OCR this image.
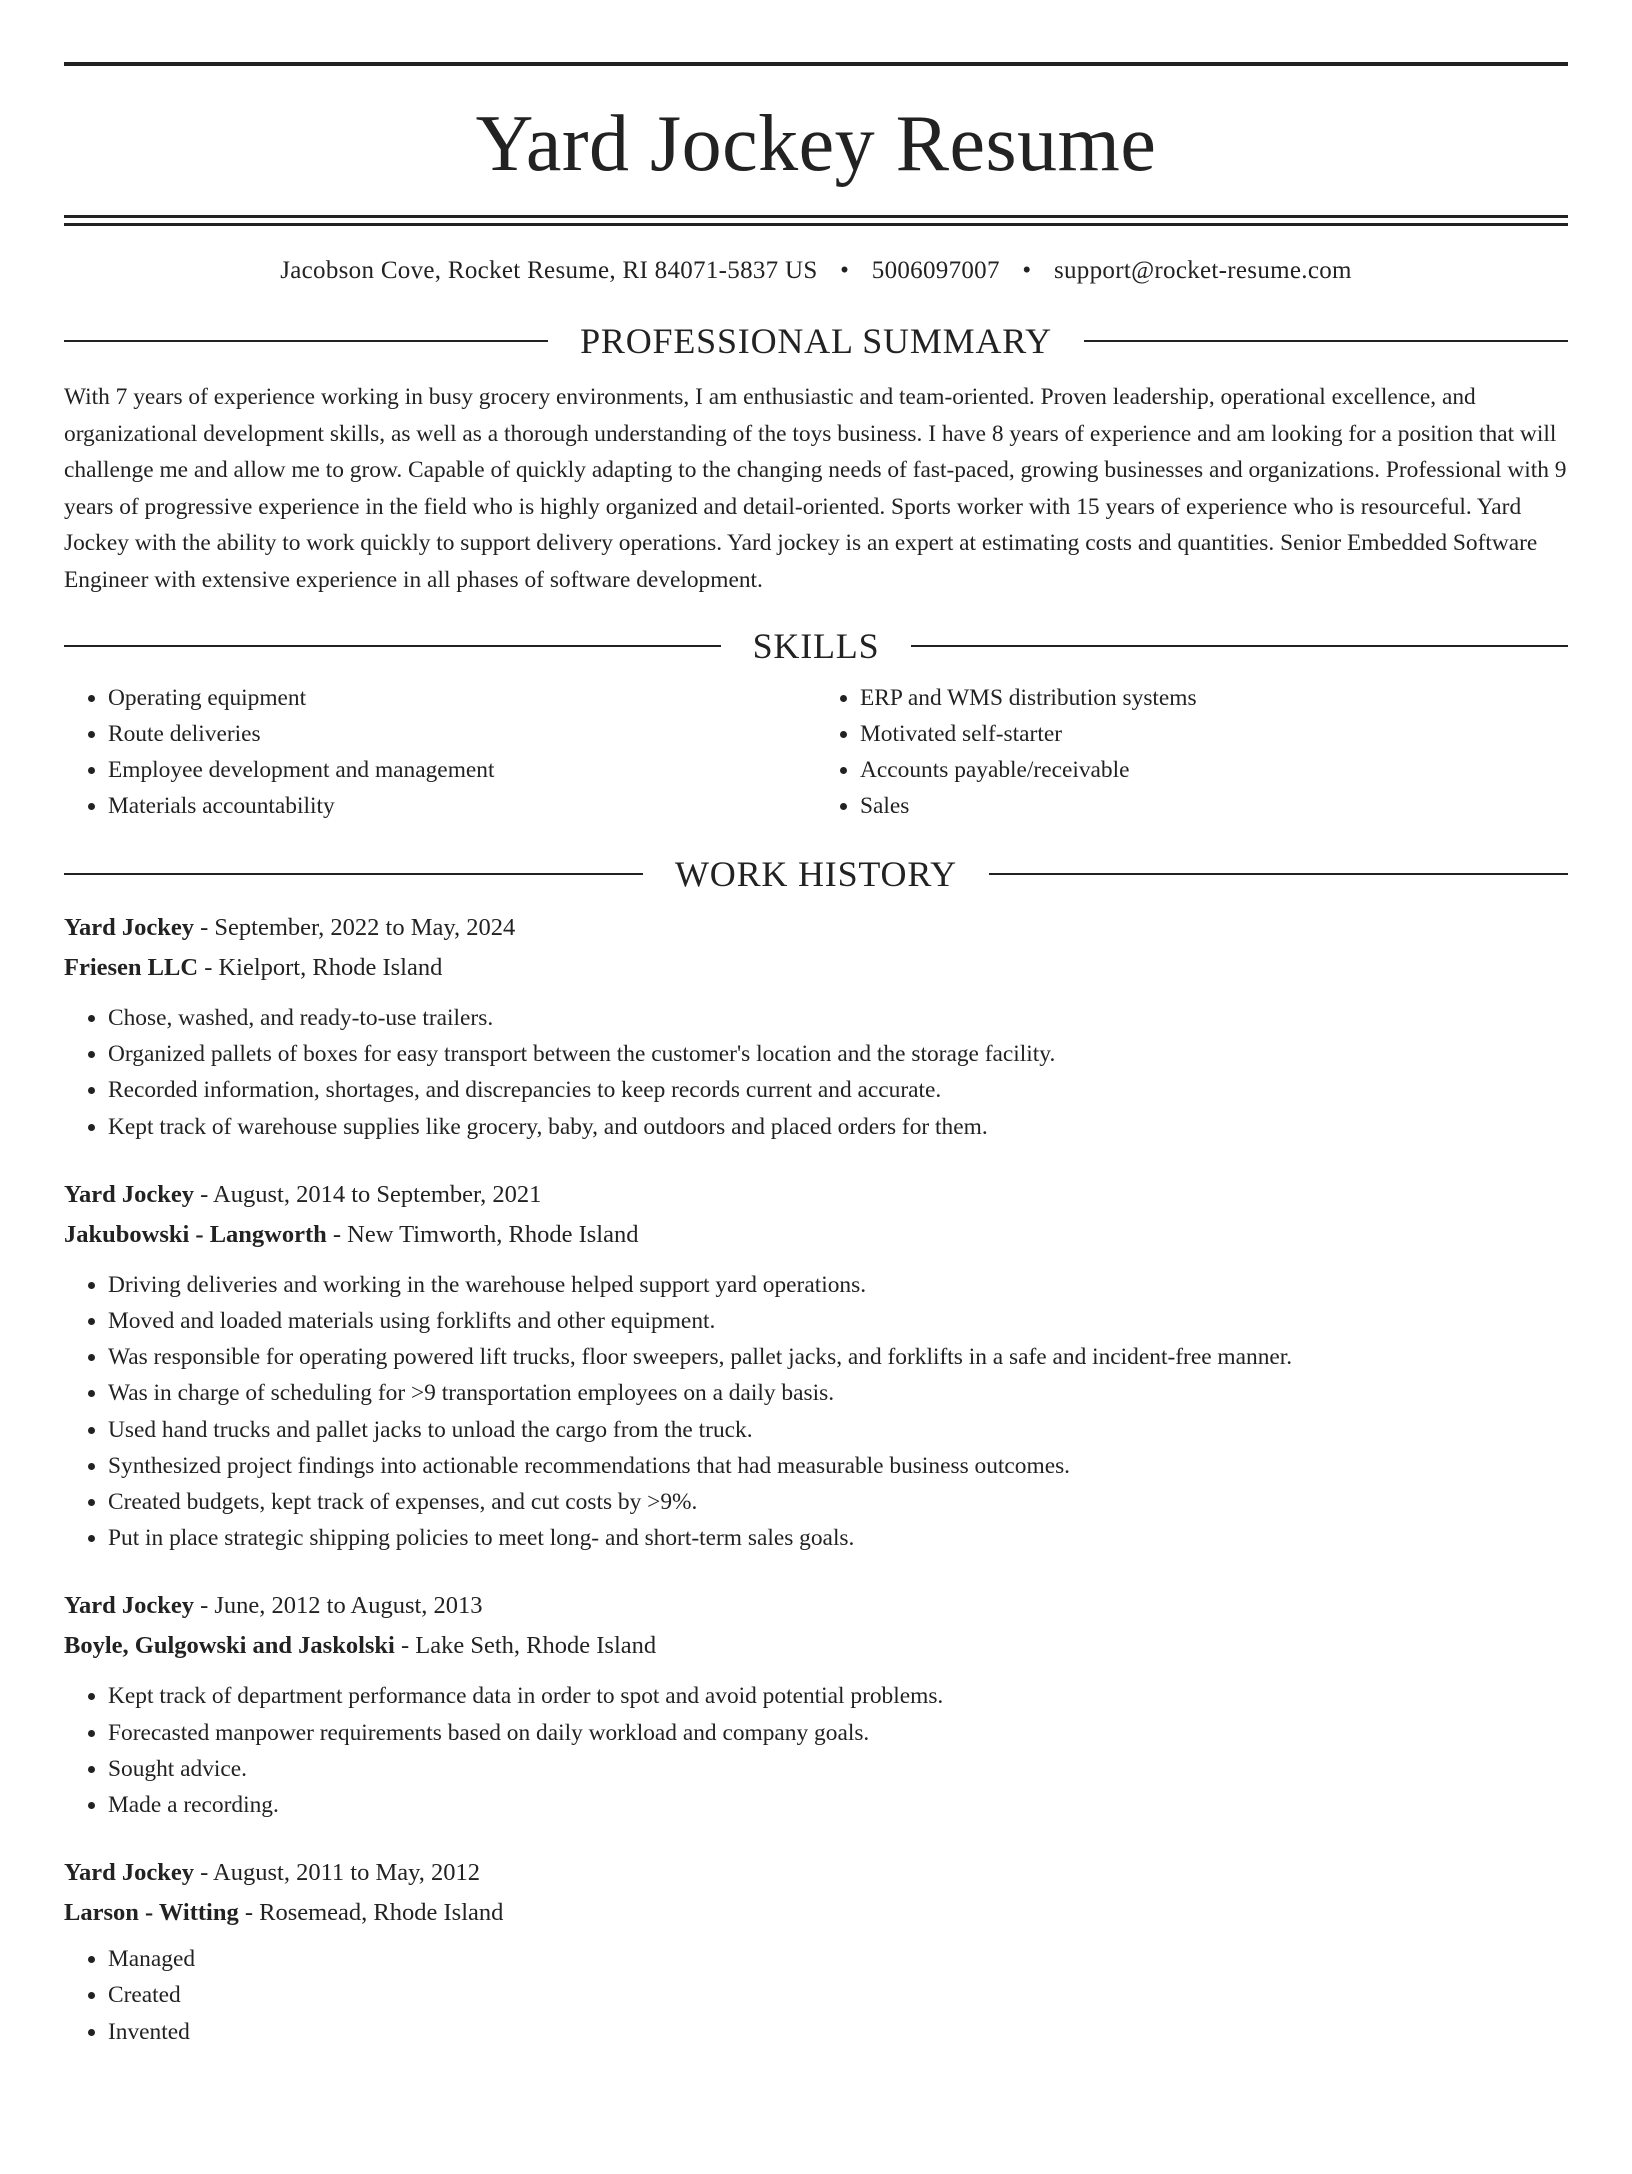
Yard Jockey Resume
Jacobson Cove, Rocket Resume, RI 84071-5837 US • 5006097007 • support@rocket-resume.com
PROFESSIONAL SUMMARY

With 7 years of experience working in busy grocery environments, I am enthusiastic and team-oriented. Proven leadership, operational excellence, and organizational development skills, as well as a thorough understanding of the toys business. I have 8 years of experience and am looking for a position that will challenge me and allow me to grow. Capable of quickly adapting to the changing needs of fast-paced, growing businesses and organizations. Professional with 9 years of progressive experience in the field who is highly organized and detail-oriented. Sports worker with 15 years of experience who is resourceful. Yard Jockey with the ability to work quickly to support delivery operations. Yard jockey is an expert at estimating costs and quantities. Senior Embedded Software Engineer with extensive experience in all phases of software development.

SKILLS
• Operating equipment
• Route deliveries
• Employee development and management
• Materials accountability
• ERP and WMS distribution systems
• Motivated self-starter
• Accounts payable/receivable
• Sales
WORK HISTORY
Yard Jockey - September, 2022 to May, 2024
Friesen LLC - Kielport, Rhode Island
• Chose, washed, and ready-to-use trailers.
• Organized pallets of boxes for easy transport between the customer's location and the storage facility.
• Recorded information, shortages, and discrepancies to keep records current and accurate.
• Kept track of warehouse supplies like grocery, baby, and outdoors and placed orders for them.
Yard Jockey - August, 2014 to September, 2021
Jakubowski - Langworth - New Timworth, Rhode Island
• Driving deliveries and working in the warehouse helped support yard operations.
• Moved and loaded materials using forklifts and other equipment.
• Was responsible for operating powered lift trucks, floor sweepers, pallet jacks, and forklifts in a safe and incident-free manner.
• Was in charge of scheduling for >9 transportation employees on a daily basis.
• Used hand trucks and pallet jacks to unload the cargo from the truck.
• Synthesized project findings into actionable recommendations that had measurable business outcomes.
• Created budgets, kept track of expenses, and cut costs by >9%.
• Put in place strategic shipping policies to meet long- and short-term sales goals.
Yard Jockey - June, 2012 to August, 2013
Boyle, Gulgowski and Jaskolski - Lake Seth, Rhode Island
• Kept track of department performance data in order to spot and avoid potential problems.
• Forecasted manpower requirements based on daily workload and company goals.
• Sought advice.
• Made a recording.
Yard Jockey - August, 2011 to May, 2012
Larson - Witting - Rosemead, Rhode Island
• Managed
• Created
• Invented
